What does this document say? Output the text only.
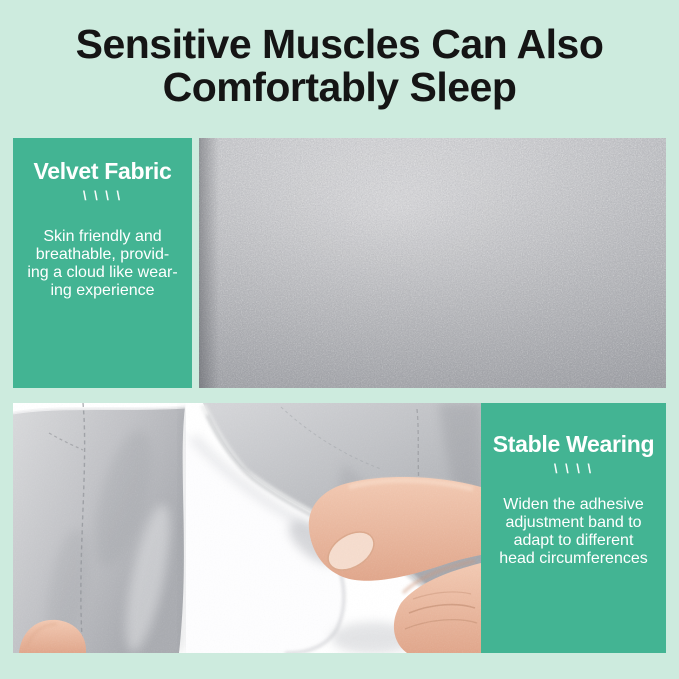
Sensitive Muscles Can Also
Comfortably Sleep
Velvet Fabric
\ \ \ \

Skin friendly and
breathable, provid-
ing a cloud like wear-
ing experience

Stable Wearing
\ \ \ \

Widen the adhesive
adjustment band to
adapt to different
head circumferences
